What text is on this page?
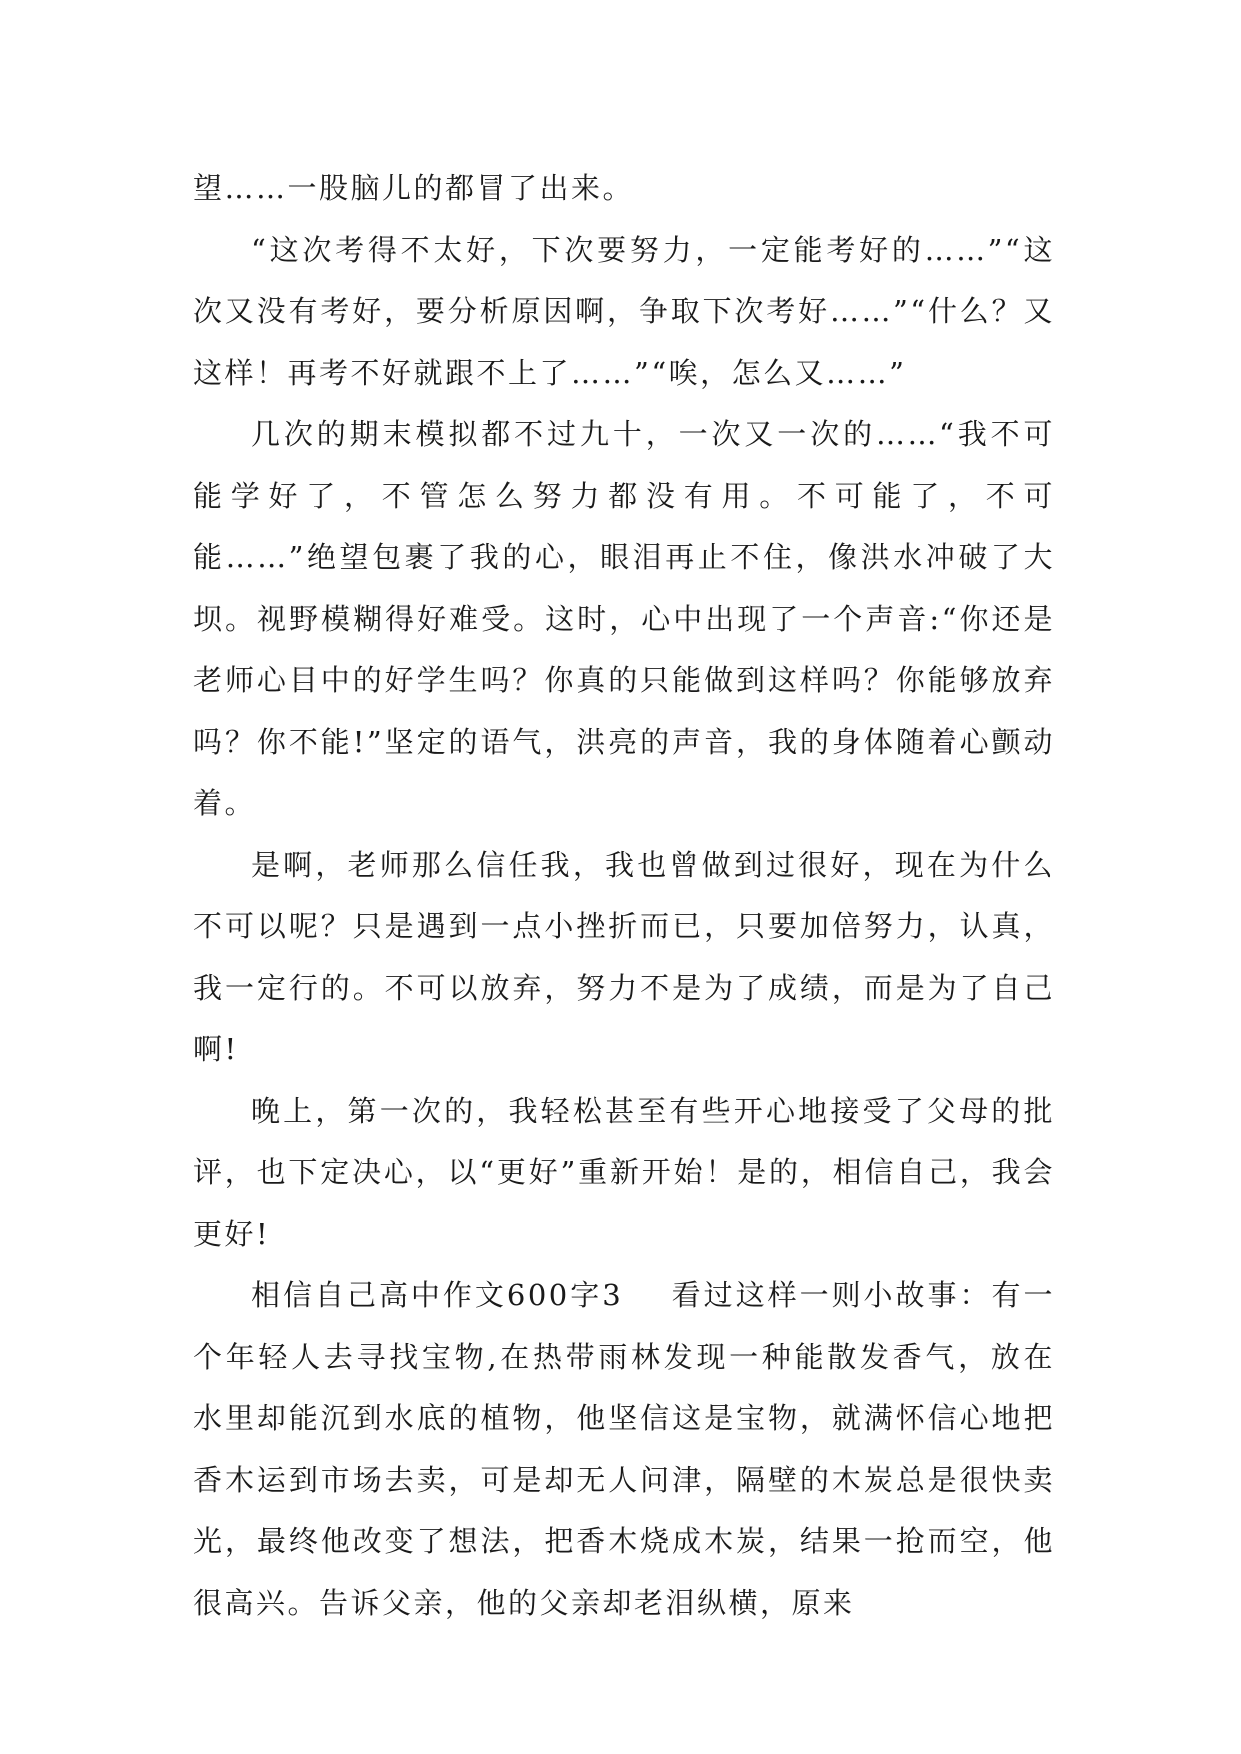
望……一股脑儿的都冒了出来。

“这次考得不太好，下次要努力，一定能考好的……”“这次又没有考好，要分析原因啊，争取下次考好……”“什么？又这样！再考不好就跟不上了……”“唉，怎么又……”

几次的期末模拟都不过九十，一次又一次的……“我不可能学好了，不管怎么努力都没有用。不可能了，不可能……”绝望包裹了我的心，眼泪再止不住，像洪水冲破了大坝。视野模糊得好难受。这时，心中出现了一个声音:“你还是老师心目中的好学生吗？你真的只能做到这样吗？你能够放弃吗？你不能!”坚定的语气，洪亮的声音，我的身体随着心颤动着。

是啊，老师那么信任我，我也曾做到过很好，现在为什么不可以呢？只是遇到一点小挫折而已，只要加倍努力，认真，我一定行的。不可以放弃，努力不是为了成绩，而是为了自己啊!

晚上，第一次的，我轻松甚至有些开心地接受了父母的批评，也下定决心，以“更好”重新开始！是的，相信自己，我会更好!

相信自己高中作文600字3 看过这样一则小故事：有一个年轻人去寻找宝物,在热带雨林发现一种能散发香气，放在水里却能沉到水底的植物，他坚信这是宝物，就满怀信心地把香木运到市场去卖，可是却无人问津，隔壁的木炭总是很快卖光，最终他改变了想法，把香木烧成木炭，结果一抢而空，他很高兴。告诉父亲，他的父亲却老泪纵横，原来
